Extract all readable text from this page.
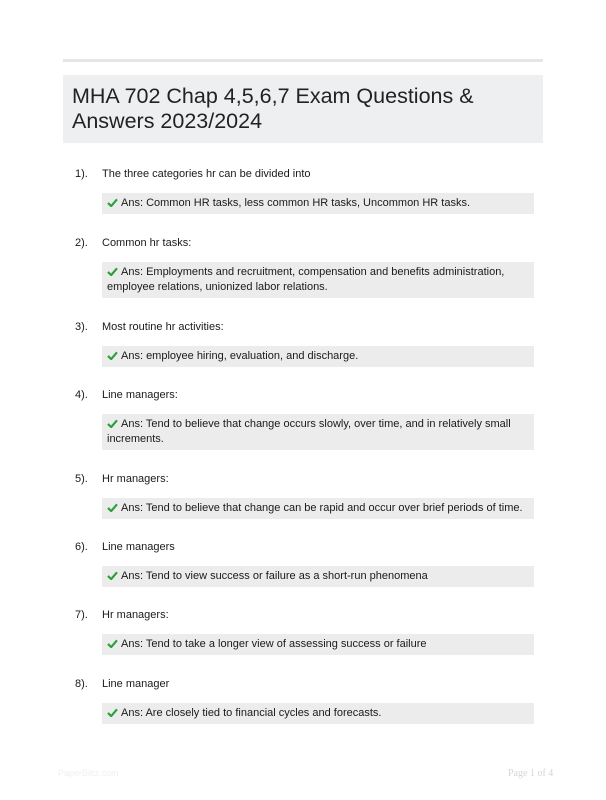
MHA 702 Chap 4,5,6,7 Exam Questions & Answers 2023/2024
1). The three categories hr can be divided into
Ans: Common HR tasks, less common HR tasks, Uncommon HR tasks.
2). Common hr tasks:
Ans: Employments and recruitment, compensation and benefits administration, employee relations, unionized labor relations.
3). Most routine hr activities:
Ans: employee hiring, evaluation, and discharge.
4). Line managers:
Ans: Tend to believe that change occurs slowly, over time, and in relatively small increments.
5). Hr managers:
Ans: Tend to believe that change can be rapid and occur over brief periods of time.
6). Line managers
Ans: Tend to view success or failure as a short-run phenomena
7). Hr managers:
Ans: Tend to take a longer view of assessing success or failure
8). Line manager
Ans: Are closely tied to financial cycles and forecasts.
PaperBlitz.com	Page 1 of 4
